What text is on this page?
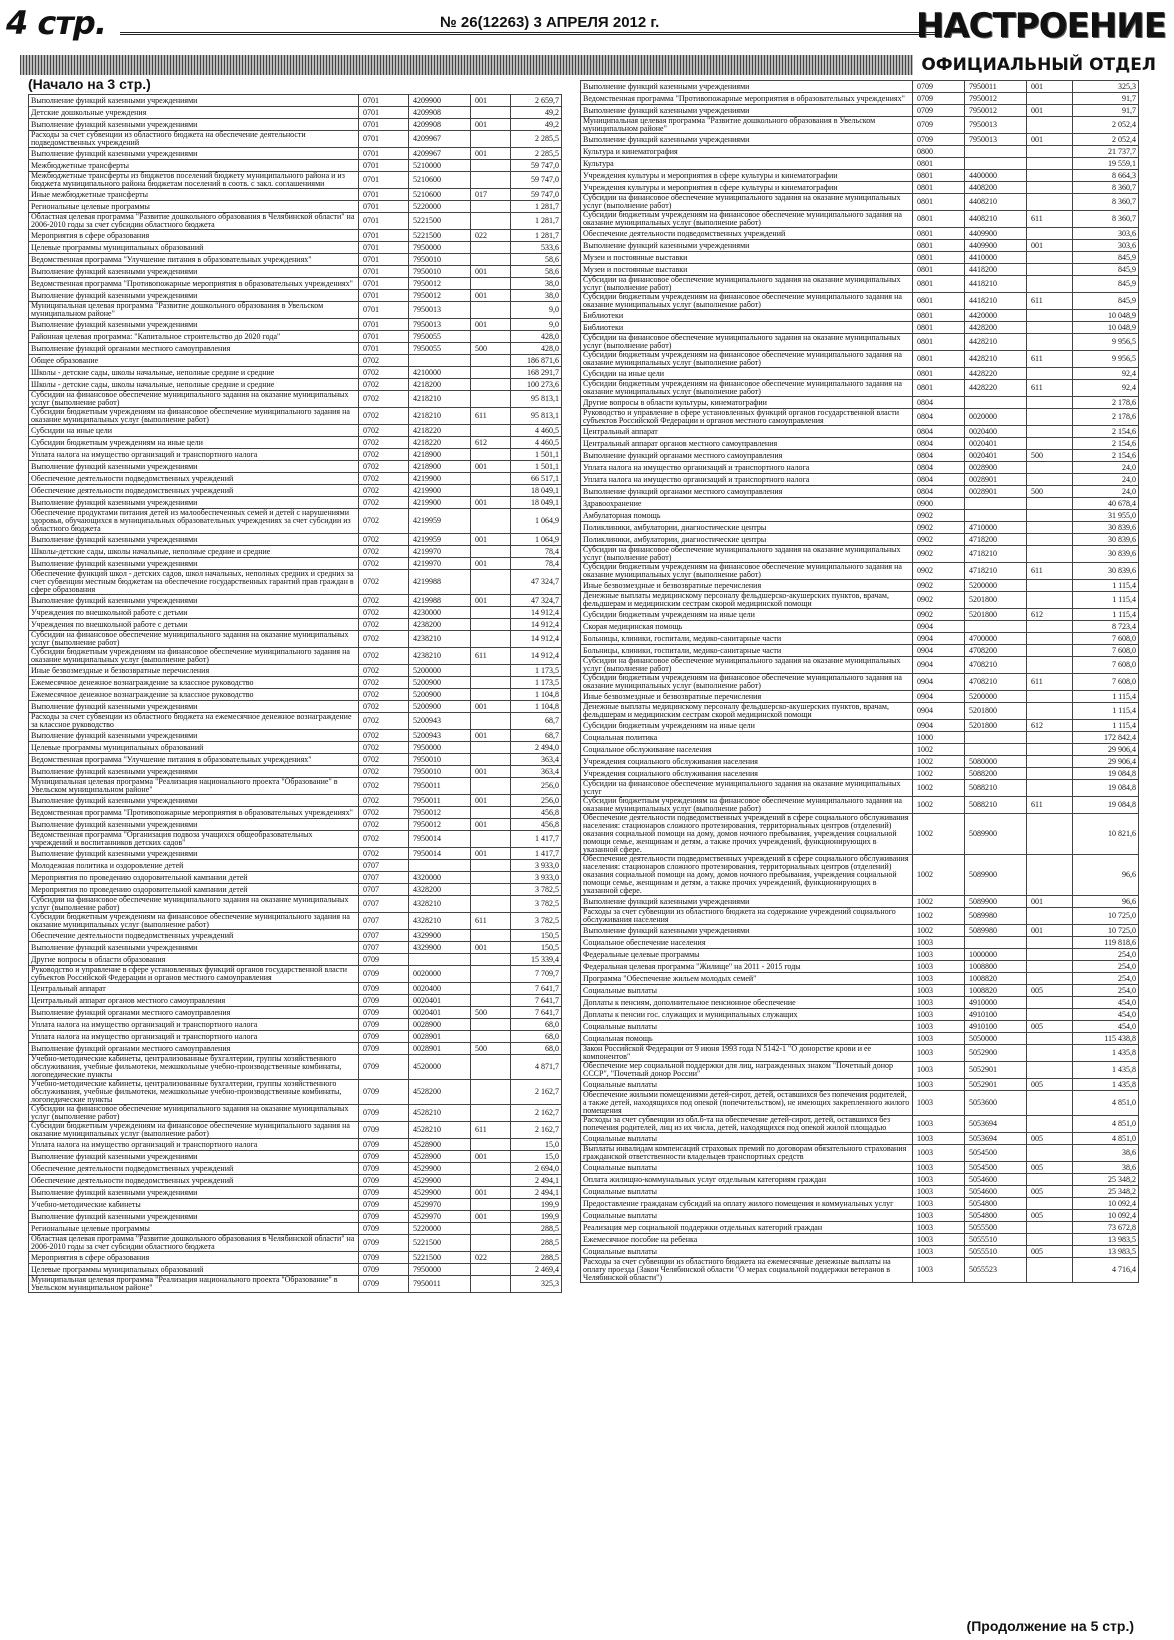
4 стр.	№ 26(12263) 3 АПРЕЛЯ 2012 г.	НАСТРОЕНИЕ
ОФИЦИАЛЬНЫЙ ОТДЕЛ
(Начало на 3 стр.)
Выполнение функций казенными учреждениями	0701	4209900	001	2 659,7
Детские дошкольные учреждения	0701	4209908		49,2
Выполнение функций казенными учреждениями	0701	4209908	001	49,2
Расходы за счет субвенции из областного бюджета на обеспечение деятельности подведомственных учреждений	0701	4209967		2 285,5
Выполнение функций казенными учреждениями	0701	4209967	001	2 285,5
Межбюджетные трансферты	0701	5210000		59 747,0
Межбюджетные трансферты из бюджетов поселений бюджету муниципального района и из бюджета муниципального района бюджетам поселений в соотв. с закл. соглашениями	0701	5210600		59 747,0
Иные межбюджетные трансферты	0701	5210600	017	59 747,0
Региональные целевые программы	0701	5220000		1 281,7
Областная целевая программа "Развитие дошкольного образования в Челябинской области" на 2006-2010 годы за счет субсидии областного бюджета	0701	5221500		1 281,7
Мероприятия в сфере образования	0701	5221500	022	1 281,7
Целевые программы муниципальных образований	0701	7950000		533,6
Ведомственная программа "Улучшение питания в образовательных учреждениях"	0701	7950010		58,6
Выполнение функций казенными учреждениями	0701	7950010	001	58,6
Ведомственная программа "Противопожарные мероприятия в образовательных учреждениях"	0701	7950012		38,0
Выполнение функций казенными учреждениями	0701	7950012	001	38,0
Муниципальная целевая программа "Развитие дошкольного образования в Увельском муниципальном районе"	0701	7950013		9,0
Выполнение функций казенными учреждениями	0701	7950013	001	9,0
Районная целевая программа: "Капитальное строительство до 2020 года"	0701	7950055		428,0
Выполнение функций органами местного самоуправления	0701	7950055	500	428,0
Общее образование	0702			186 871,6
Школы - детские сады, школы начальные, неполные средние и средние	0702	4210000		168 291,7
Школы - детские сады, школы начальные, неполные средние и средние	0702	4218200		100 273,6
Субсидии на финансовое обеспечение муниципального задания на оказание муниципальных услуг (выполнение работ)	0702	4218210		95 813,1
Субсидии бюджетным учреждениям на финансовое обеспечение муниципального задания на оказание муниципальных услуг (выполнение работ)	0702	4218210	611	95 813,1
Субсидии на иные цели	0702	4218220		4 460,5
Субсидии бюджетным учреждениям на иные цели	0702	4218220	612	4 460,5
Уплата налога на имущество организаций и транспортного налога	0702	4218900		1 501,1
Выполнение функций казенными учреждениями	0702	4218900	001	1 501,1
Обеспечение деятельности подведомственных учреждений	0702	4219900		66 517,1
Обеспечение деятельности подведомственных учреждений	0702	4219900		18 049,1
Выполнение функций казенными учреждениями	0702	4219900	001	18 049,1
Обеспечение продуктами питания детей из малообеспеченных семей и детей с нарушениями здоровья, обучающихся в муниципальных образовательных учреждениях за счет субсидии из областного бюджета	0702	4219959		1 064,9
Выполнение функций казенными учреждениями	0702	4219959	001	1 064,9
Школы-детские сады, школы начальные, неполные средние и средние	0702	4219970		78,4
Выполнение функций казенными учреждениями	0702	4219970	001	78,4
Обеспечение функций школ - детских садов, школ начальных, неполных средних и средних за счет субвенции местным бюджетам на обеспечение государственных гарантий прав граждан в сфере образования	0702	4219988		47 324,7
Выполнение функций казенными учреждениями	0702	4219988	001	47 324,7
Учреждения по внешкольной работе с детьми	0702	4230000		14 912,4
Учреждения по внешкольной работе с детьми	0702	4238200		14 912,4
Субсидии на финансовое обеспечение муниципального задания на оказание муниципальных услуг (выполнение работ)	0702	4238210		14 912,4
Субсидии бюджетным учреждениям на финансовое обеспечение муниципального задания на оказание муниципальных услуг (выполнение работ)	0702	4238210	611	14 912,4
Иные безвозмездные и безвозвратные перечисления	0702	5200000		1 173,5
Ежемесячное денежное вознаграждение за классное руководство	0702	5200900		1 173,5
Ежемесячное денежное вознаграждение за классное руководство	0702	5200900		1 104,8
Выполнение функций казенными учреждениями	0702	5200900	001	1 104,8
Расходы за счет субвенции из областного бюджета на ежемесячное денежное вознаграждение за классное руководство	0702	5200943		68,7
Выполнение функций казенными учреждениями	0702	5200943	001	68,7
Целевые программы муниципальных образований	0702	7950000		2 494,0
Ведомственная программа "Улучшение питания в образовательных учреждениях"	0702	7950010		363,4
Выполнение функций казенными учреждениями	0702	7950010	001	363,4
Муниципальная целевая программа "Реализация национального проекта "Образование" в Увельском муниципальном районе"	0702	7950011		256,0
Выполнение функций казенными учреждениями	0702	7950011	001	256,0
Ведомственная программа "Противопожарные мероприятия в образовательных учреждениях"	0702	7950012		456,8
Выполнение функций казенными учреждениями	0702	7950012	001	456,8
Ведомственная программа "Организация подвоза учащихся общеобразовательных учреждений и воспитанников детских садов"	0702	7950014		1 417,7
Выполнение функций казенными учреждениями	0702	7950014	001	1 417,7
Молодежная политика и оздоровление детей	0707			3 933,0
Мероприятия по проведению оздоровительной кампании детей	0707	4320000		3 933,0
Мероприятия по проведению оздоровительной кампании детей	0707	4328200		3 782,5
Субсидии на финансовое обеспечение муниципального задания на оказание муниципальных услуг (выполнение работ)	0707	4328210		3 782,5
Субсидии бюджетным учреждениям на финансовое обеспечение муниципального задания на оказание муниципальных услуг (выполнение работ)	0707	4328210	611	3 782,5
Обеспечение деятельности подведомственных учреждений	0707	4329900		150,5
Выполнение функций казенными учреждениями	0707	4329900	001	150,5
Другие вопросы в области образования	0709			15 339,4
Руководство и управление в сфере установленных функций органов государственной власти субъектов Российской Федерации и органов местного самоуправления	0709	0020000		7 709,7
Центральный аппарат	0709	0020400		7 641,7
Центральный аппарат органов местного самоуправления	0709	0020401		7 641,7
Выполнение функций органами местного самоуправления	0709	0020401	500	7 641,7
Уплата налога на имущество организаций и транспортного налога	0709	0028900		68,0
Уплата налога на имущество организаций и транспортного налога	0709	0028901		68,0
Выполнение функций органами местного самоуправления	0709	0028901	500	68,0
Учебно-методические кабинеты, централизованные бухгалтерии, группы хозяйственного обслуживания, учебные фильмотеки, межшкольные учебно-производственные комбинаты, логопедические пункты	0709	4520000		4 871,7
Учебно-методические кабинеты, централизованные бухгалтерии, группы хозяйственного обслуживания, учебные фильмотеки, межшкольные учебно-производственные комбинаты, логопедические пункты	0709	4528200		2 162,7
Субсидии на финансовое обеспечение муниципального задания на оказание муниципальных услуг (выполнение работ)	0709	4528210		2 162,7
Субсидии бюджетным учреждениям на финансовое обеспечение муниципального задания на оказание муниципальных услуг (выполнение работ)	0709	4528210	611	2 162,7
Уплата налога на имущество организаций и транспортного налога	0709	4528900		15,0
Выполнение функций казенными учреждениями	0709	4528900	001	15,0
Обеспечение деятельности подведомственных учреждений	0709	4529900		2 694,0
Обеспечение деятельности подведомственных учреждений	0709	4529900		2 494,1
Выполнение функций казенными учреждениями	0709	4529900	001	2 494,1
Учебно-методические кабинеты	0709	4529970		199,9
Выполнение функций казенными учреждениями	0709	4529970	001	199,9
Региональные целевые программы	0709	5220000		288,5
Областная целевая программа "Развитие дошкольного образования в Челябинской области" на 2006-2010 годы за счет субсидии областного бюджета	0709	5221500		288,5
Мероприятия в сфере образования	0709	5221500	022	288,5
Целевые программы муниципальных образований	0709	7950000		2 469,4
Муниципальная целевая программа "Реализация национального проекта "Образование" в Увельском муниципальном районе"	0709	7950011		325,3
Выполнение функций казенными учреждениями	0709	7950011	001	325,3
Ведомственная программа "Противопожарные мероприятия в образовательных учреждениях"	0709	7950012		91,7
Выполнение функций казенными учреждениями	0709	7950012	001	91,7
Муниципальная целевая программа "Развитие дошкольного образования в Увельском муниципальном районе"	0709	7950013		2 052,4
Выполнение функций казенными учреждениями	0709	7950013	001	2 052,4
Культура и кинематография	0800			21 737,7
Культура	0801			19 559,1
Учреждения культуры и мероприятия в сфере культуры и кинематографии	0801	4400000		8 664,3
Учреждения культуры и мероприятия в сфере культуры и кинематографии	0801	4408200		8 360,7
Субсидии на финансовое обеспечение муниципального задания на оказание муниципальных услуг (выполнение работ)	0801	4408210		8 360,7
Субсидии бюджетным учреждениям на финансовое обеспечение муниципального задания на оказание муниципальных услуг (выполнение работ)	0801	4408210	611	8 360,7
Обеспечение деятельности подведомственных учреждений	0801	4409900		303,6
Выполнение функций казенными учреждениями	0801	4409900	001	303,6
Музеи и постоянные выставки	0801	4410000		845,9
Музеи и постоянные выставки	0801	4418200		845,9
Субсидии на финансовое обеспечение муниципального задания на оказание муниципальных услуг (выполнение работ)	0801	4418210		845,9
Субсидии бюджетным учреждениям на финансовое обеспечение муниципального задания на оказание муниципальных услуг (выполнение работ)	0801	4418210	611	845,9
Библиотеки	0801	4420000		10 048,9
Библиотеки	0801	4428200		10 048,9
Субсидии на финансовое обеспечение муниципального задания на оказание муниципальных услуг (выполнение работ)	0801	4428210		9 956,5
Субсидии бюджетным учреждениям на финансовое обеспечение муниципального задания на оказание муниципальных услуг (выполнение работ)	0801	4428210	611	9 956,5
Субсидии на иные цели	0801	4428220		92,4
Субсидии бюджетным учреждениям на финансовое обеспечение муниципального задания на оказание муниципальных услуг (выполнение работ)	0801	4428220	611	92,4
Другие вопросы в области культуры, кинематографии	0804			2 178,6
Руководство и управление в сфере установленных функций органов государственной власти субъектов Российской Федерации и органов местного самоуправления	0804	0020000		2 178,6
Центральный аппарат	0804	0020400		2 154,6
Центральный аппарат органов местного самоуправления	0804	0020401		2 154,6
Выполнение функций органами местного самоуправления	0804	0020401	500	2 154,6
Уплата налога на имущество организаций и транспортного налога	0804	0028900		24,0
Уплата налога на имущество организаций и транспортного налога	0804	0028901		24,0
Выполнение функций органами местного самоуправления	0804	0028901	500	24,0
Здравоохранение	0900			40 678,4
Амбулаторная помощь	0902			31 955,0
Поликлиники, амбулатории, диагностические центры	0902	4710000		30 839,6
Поликлиники, амбулатории, диагностические центры	0902	4718200		30 839,6
Субсидии на финансовое обеспечение муниципального задания на оказание муниципальных услуг (выполнение работ)	0902	4718210		30 839,6
Субсидии бюджетным учреждениям на финансовое обеспечение муниципального задания на оказание муниципальных услуг (выполнение работ)	0902	4718210	611	30 839,6
Иные безвозмездные и безвозвратные перечисления	0902	5200000		1 115,4
Денежные выплаты медицинскому персоналу фельдшерско-акушерских пунктов, врачам, фельдшерам и медицинским сестрам скорой медицинской помощи	0902	5201800		1 115,4
Субсидии бюджетным учреждениям на иные цели	0902	5201800	612	1 115,4
Скорая медицинская помощь	0904			8 723,4
Больницы, клиники, госпитали, медико-санитарные части	0904	4700000		7 608,0
Больницы, клиники, госпитали, медико-санитарные части	0904	4708200		7 608,0
Субсидии на финансовое обеспечение муниципального задания на оказание муниципальных услуг (выполнение работ)	0904	4708210		7 608,0
Субсидии бюджетным учреждениям на финансовое обеспечение муниципального задания на оказание муниципальных услуг (выполнение работ)	0904	4708210	611	7 608,0
Иные безвозмездные и безвозвратные перечисления	0904	5200000		1 115,4
Денежные выплаты медицинскому персоналу фельдшерско-акушерских пунктов, врачам, фельдшерам и медицинским сестрам скорой медицинской помощи	0904	5201800		1 115,4
Субсидии бюджетным учреждениям на иные цели	0904	5201800	612	1 115,4
Социальная политика	1000			172 842,4
Социальное обслуживание населения	1002			29 906,4
Учреждения социального обслуживания населения	1002	5080000		29 906,4
Учреждения социального обслуживания населения	1002	5088200		19 084,8
Субсидии на финансовое обеспечение муниципального задания на оказание муниципальных услуг	1002	5088210		19 084,8
Субсидии бюджетным учреждениям на финансовое обеспечение муниципального задания на оказание муниципальных услуг (выполнение работ)	1002	5088210	611	19 084,8
Обеспечение деятельности подведомственных учреждений в сфере социального обслуживания населения: стационаров сложного протезирования, территориальных центров (отделений) оказания социальной помощи на дому, домов ночного пребывания, учреждения социальной помощи семье, женщинам и детям, а также прочих учреждений, функционирующих в указанной сфере.	1002	5089900		10 821,6
Обеспечение деятельности подведомственных учреждений в сфере социального обслуживания населения: стационаров сложного протезирования, территориальных центров (отделений) оказания социальной помощи на дому, домов ночного пребывания, учреждения социальной помощи семье, женщинам и детям, а также прочих учреждений, функционирующих в указанной сфере.	1002	5089900		96,6
Выполнение функций казенными учреждениями	1002	5089900	001	96,6
Расходы за счет субвенции из областного бюджета на содержание учреждений социального обслуживания населения	1002	5089980		10 725,0
Выполнение функций казенными учреждениями	1002	5089980	001	10 725,0
Социальное обеспечение населения	1003			119 818,6
Федеральные целевые программы	1003	1000000		254,0
Федеральная целевая программа "Жилище" на 2011 - 2015 годы	1003	1008800		254,0
Программа "Обеспечение жильем молодых семей"	1003	1008820		254,0
Социальные выплаты	1003	1008820	005	254,0
Доплаты к пенсиям, дополнительное пенсионное обеспечение	1003	4910000		454,0
Доплаты к пенсии гос. служащих и муниципальных служащих	1003	4910100		454,0
Социальные выплаты	1003	4910100	005	454,0
Социальная помощь	1003	5050000		115 438,8
Закон Российской Федерации от 9 июня 1993 года N 5142-1 "О донорстве крови и ее компонентов"	1003	5052900		1 435,8
Обеспечение мер социальной поддержки для лиц, награжденных знаком "Почетный донор СССР", "Почетный донор России"	1003	5052901		1 435,8
Социальные выплаты	1003	5052901	005	1 435,8
Обеспечение жилыми помещениями детей-сирот, детей, оставшихся без попечения родителей, а также детей, находящихся под опекой (попечительством), не имеющих закрепленного жилого помещения	1003	5053600		4 851,0
Расходы за счет субвенции из обл.б-та на обеспечение детей-сирот, детей, оставшихся без попечения родителей, лиц из их числа, детей, находящихся под опекой жилой площадью	1003	5053694		4 851,0
Социальные выплаты	1003	5053694	005	4 851,0
Выплаты инвалидам компенсаций страховых премий по договорам обязательного страхования гражданской ответственности владельцев транспортных средств	1003	5054500		38,6
Социальные выплаты	1003	5054500	005	38,6
Оплата жилищно-коммунальных услуг отдельным категориям граждан	1003	5054600		25 348,2
Социальные выплаты	1003	5054600	005	25 348,2
Предоставление гражданам субсидий на оплату жилого помещения и коммунальных услуг	1003	5054800		10 092,4
Социальные выплаты	1003	5054800	005	10 092,4
Реализация мер социальной поддержки отдельных категорий граждан	1003	5055500		73 672,8
Ежемесячное пособие на ребенка	1003	5055510		13 983,5
Социальные выплаты	1003	5055510	005	13 983,5
Расходы за счет субвенции из областного бюджета на ежемесячные денежные выплаты на оплату проезда (Закон Челябинской области "О мерах социальной поддержки ветеранов в Челябинской области")	1003	5055523		4 716,4
(Продолжение на 5 стр.)
